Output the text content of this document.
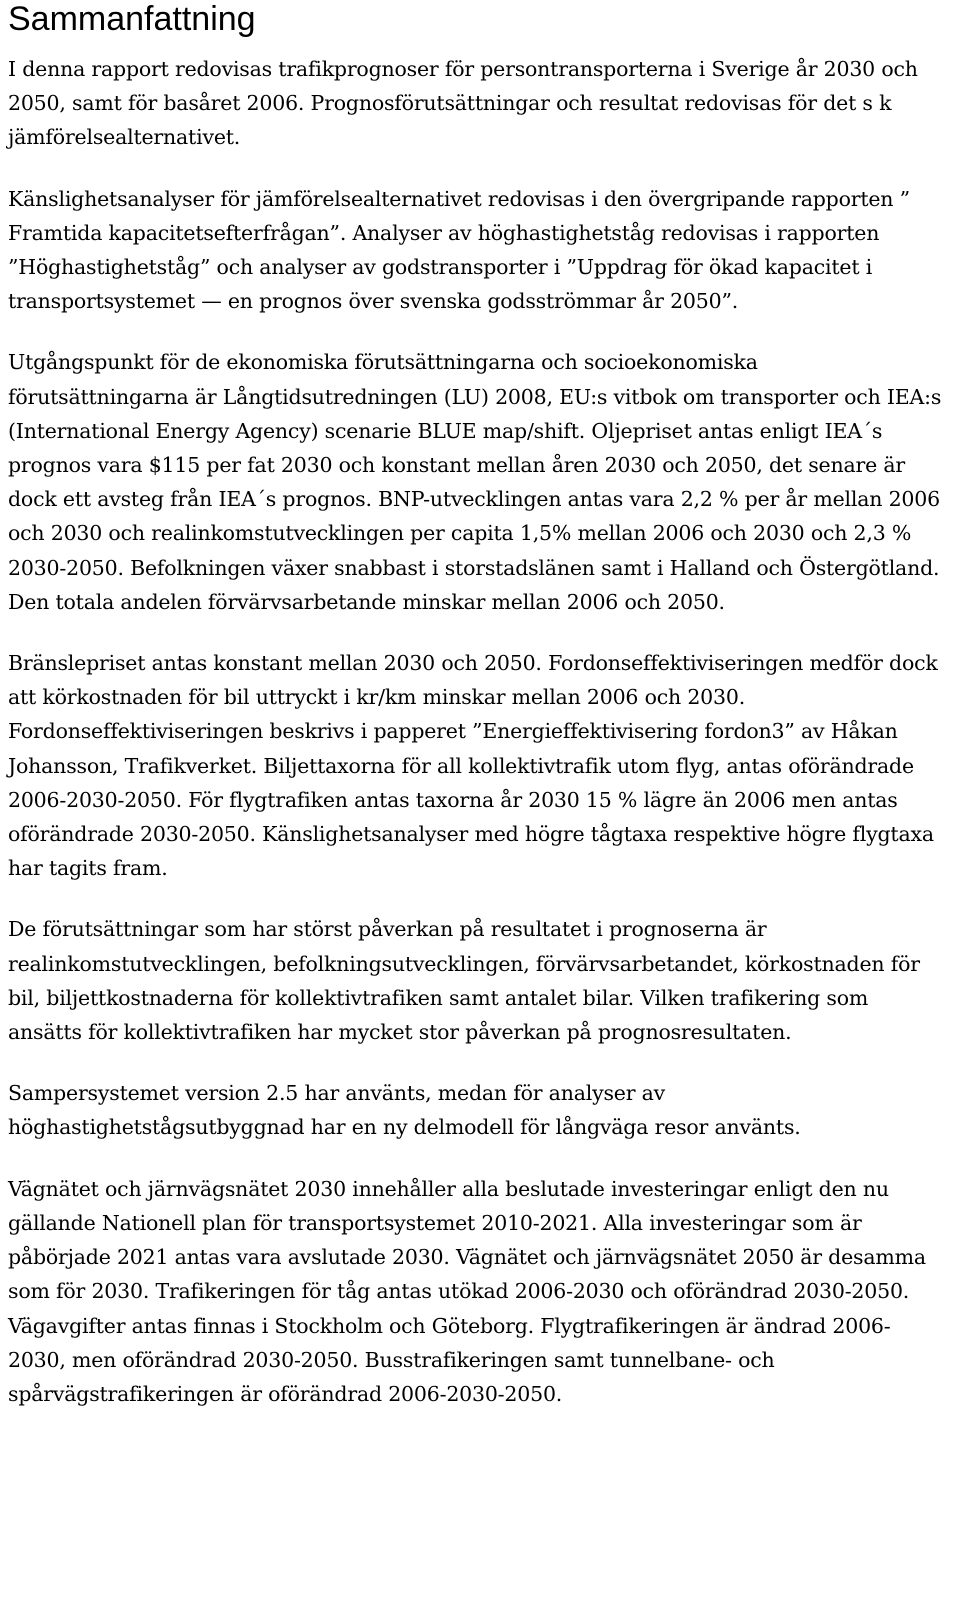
Sammanfattning

I denna rapport redovisas trafikprognoser för persontransporterna i Sverige år 2030 och 2050, samt för basåret 2006. Prognosförutsättningar och resultat redovisas för det s k jämförelsealternativet.

Känslighetsanalyser för jämförelsealternativet redovisas i den övergripande rapporten ” Framtida kapacitetsefterfrågan”. Analyser av höghastighetståg redovisas i rapporten ”Höghastighetståg” och analyser av godstransporter i ”Uppdrag för ökad kapacitet i transportsystemet — en prognos över svenska godsströmmar år 2050”.

Utgångspunkt för de ekonomiska förutsättningarna och socioekonomiska förutsättningarna är Långtidsutredningen (LU) 2008, EU:s vitbok om transporter och IEA:s (International Energy Agency) scenarie BLUE map/shift. Oljepriset antas enligt IEA´s prognos vara $115 per fat 2030 och konstant mellan åren 2030 och 2050, det senare är dock ett avsteg från IEA´s prognos. BNP-utvecklingen antas vara 2,2 % per år mellan 2006 och 2030 och realinkomstutvecklingen per capita 1,5% mellan 2006 och 2030 och 2,3 % 2030-2050. Befolkningen växer snabbast i storstadslänen samt i Halland och Östergötland. Den totala andelen förvärvsarbetande minskar mellan 2006 och 2050.

Bränslepriset antas konstant mellan 2030 och 2050. Fordonseffektiviseringen medför dock att körkostnaden för bil uttryckt i kr/km minskar mellan 2006 och 2030. Fordonseffektiviseringen beskrivs i papperet ”Energieffektivisering fordon3” av Håkan Johansson, Trafikverket. Biljettaxorna för all kollektivtrafik utom flyg, antas oförändrade 2006-2030-2050. För flygtrafiken antas taxorna år 2030 15 % lägre än 2006 men antas oförändrade 2030-2050. Känslighetsanalyser med högre tågtaxa respektive högre flygtaxa har tagits fram.

De förutsättningar som har störst påverkan på resultatet i prognoserna är realinkomstutvecklingen, befolkningsutvecklingen, förvärvsarbetandet, körkostnaden för bil, biljettkostnaderna för kollektivtrafiken samt antalet bilar. Vilken trafikering som ansätts för kollektivtrafiken har mycket stor påverkan på prognosresultaten.

Sampersystemet version 2.5 har använts, medan för analyser av höghastighetstågsutbyggnad har en ny delmodell för långväga resor använts.

Vägnätet och järnvägsnätet 2030 innehåller alla beslutade investeringar enligt den nu gällande Nationell plan för transportsystemet 2010-2021. Alla investeringar som är påbörjade 2021 antas vara avslutade 2030. Vägnätet och järnvägsnätet 2050 är desamma som för 2030. Trafikeringen för tåg antas utökad 2006-2030 och oförändrad 2030-2050. Vägavgifter antas finnas i Stockholm och Göteborg. Flygtrafikeringen är ändrad 2006-2030, men oförändrad 2030-2050. Busstrafikeringen samt tunnelbane- och spårvägstrafikeringen är oförändrad 2006-2030-2050.
